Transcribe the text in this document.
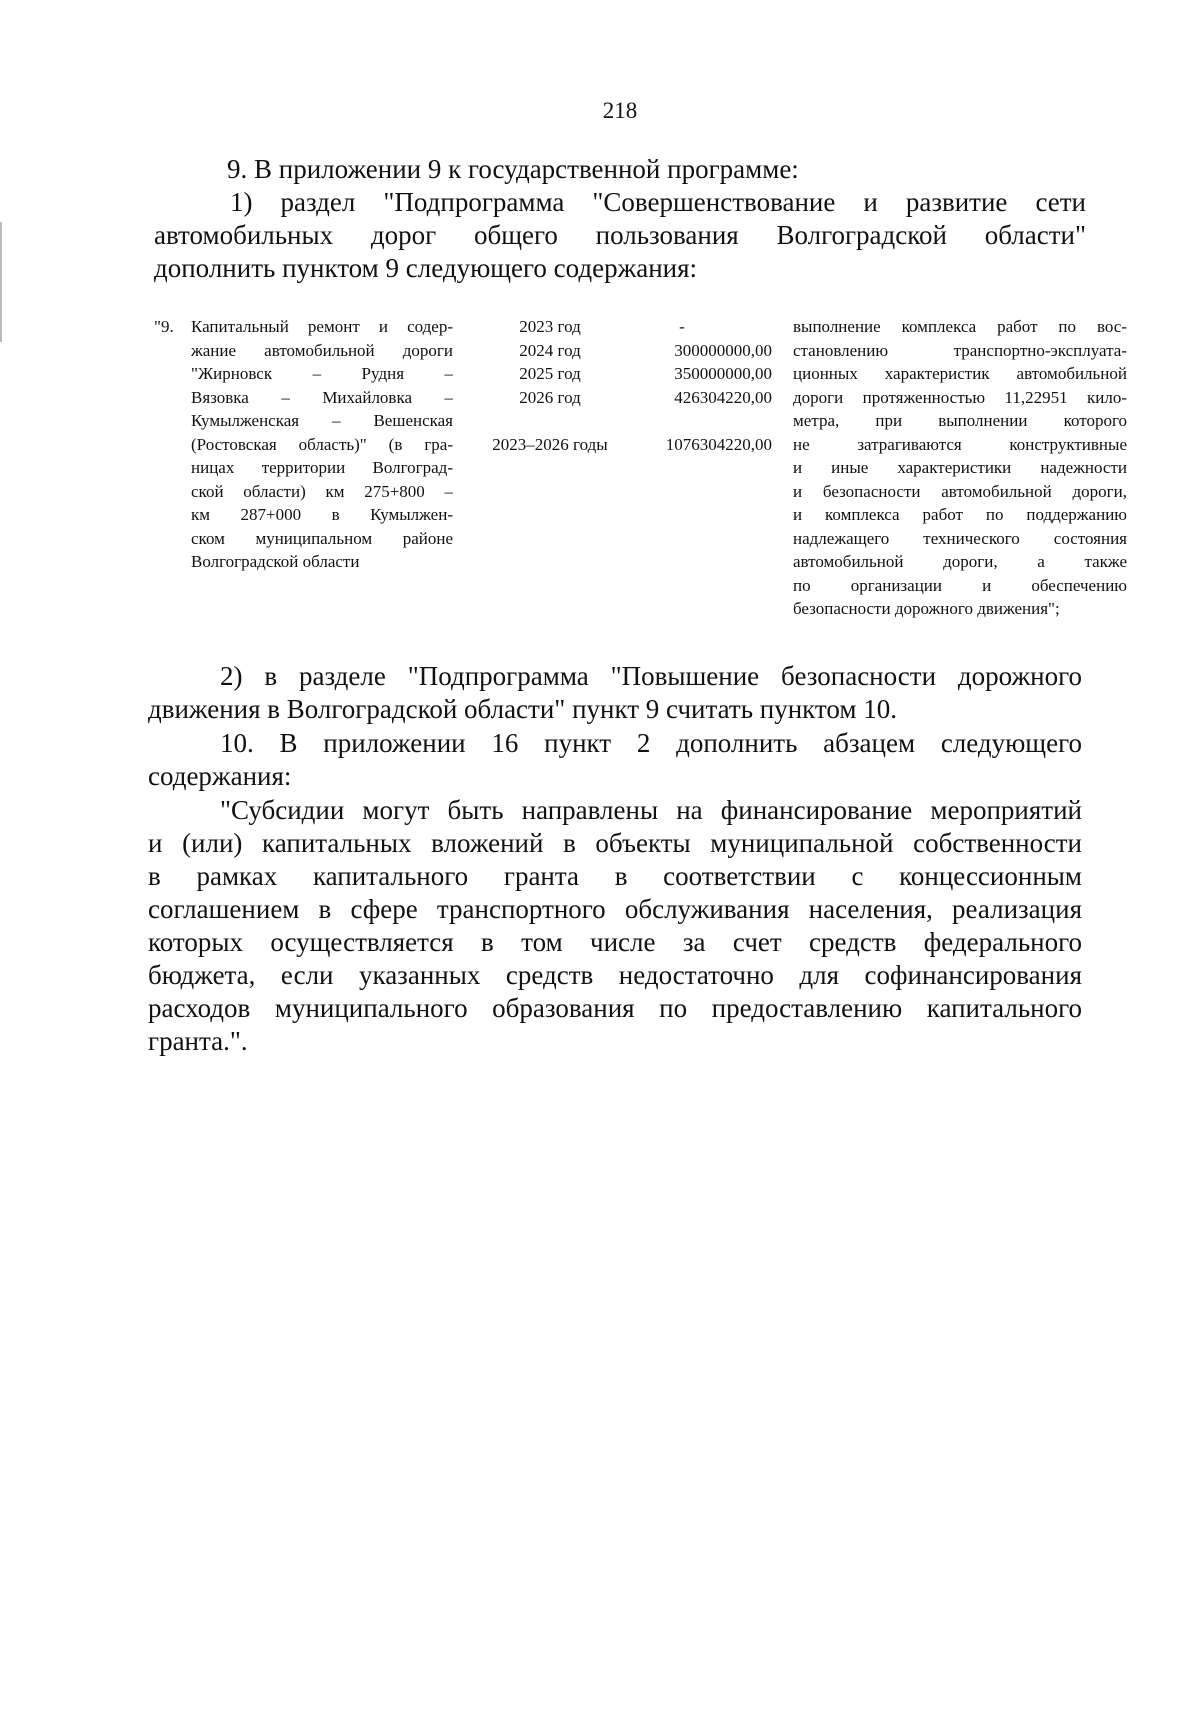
218

9. В приложении 9 к государственной программе:

1) раздел "Подпрограмма "Совершенствование и развитие сети

автомобильных дорог общего пользования Волгоградской области"

дополнить пунктом 9 следующего содержания:

"9.	Капитальный ремонт и содер-
жание автомобильной дороги
"Жирновск – Рудня –
Вязовка – Михайловка –
Кумылженская – Вешенская
(Ростовская область)" (в гра-
ницах территории Волгоград-
ской области) км 275+800 –
км 287+000 в Кумылжен-
ском муниципальном районе
Волгоградской области
2023 год
2024 год
2025 год
2026 год
2023–2026 годы
-
300000000,00
350000000,00
426304220,00
1076304220,00
выполнение комплекса работ по вос-
становлению транспортно-эксплуата-
ционных характеристик автомобильной
дороги протяженностью 11,22951 кило-
метра, при выполнении которого
не затрагиваются конструктивные
и иные характеристики надежности
и безопасности автомобильной дороги,
и комплекса работ по поддержанию
надлежащего технического состояния
автомобильной дороги, а также
по организации и обеспечению
безопасности дорожного движения";

2) в разделе "Подпрограмма "Повышение безопасности дорожного

движения в Волгоградской области" пункт 9 считать пунктом 10.

10. В приложении 16 пункт 2 дополнить абзацем следующего

содержания:

"Субсидии могут быть направлены на финансирование мероприятий

и (или) капитальных вложений в объекты муниципальной собственности

в рамках капитального гранта в соответствии с концессионным

соглашением в сфере транспортного обслуживания населения, реализация

которых осуществляется в том числе за счет средств федерального

бюджета, если указанных средств недостаточно для софинансирования

расходов муниципального образования по предоставлению капитального

гранта.".
